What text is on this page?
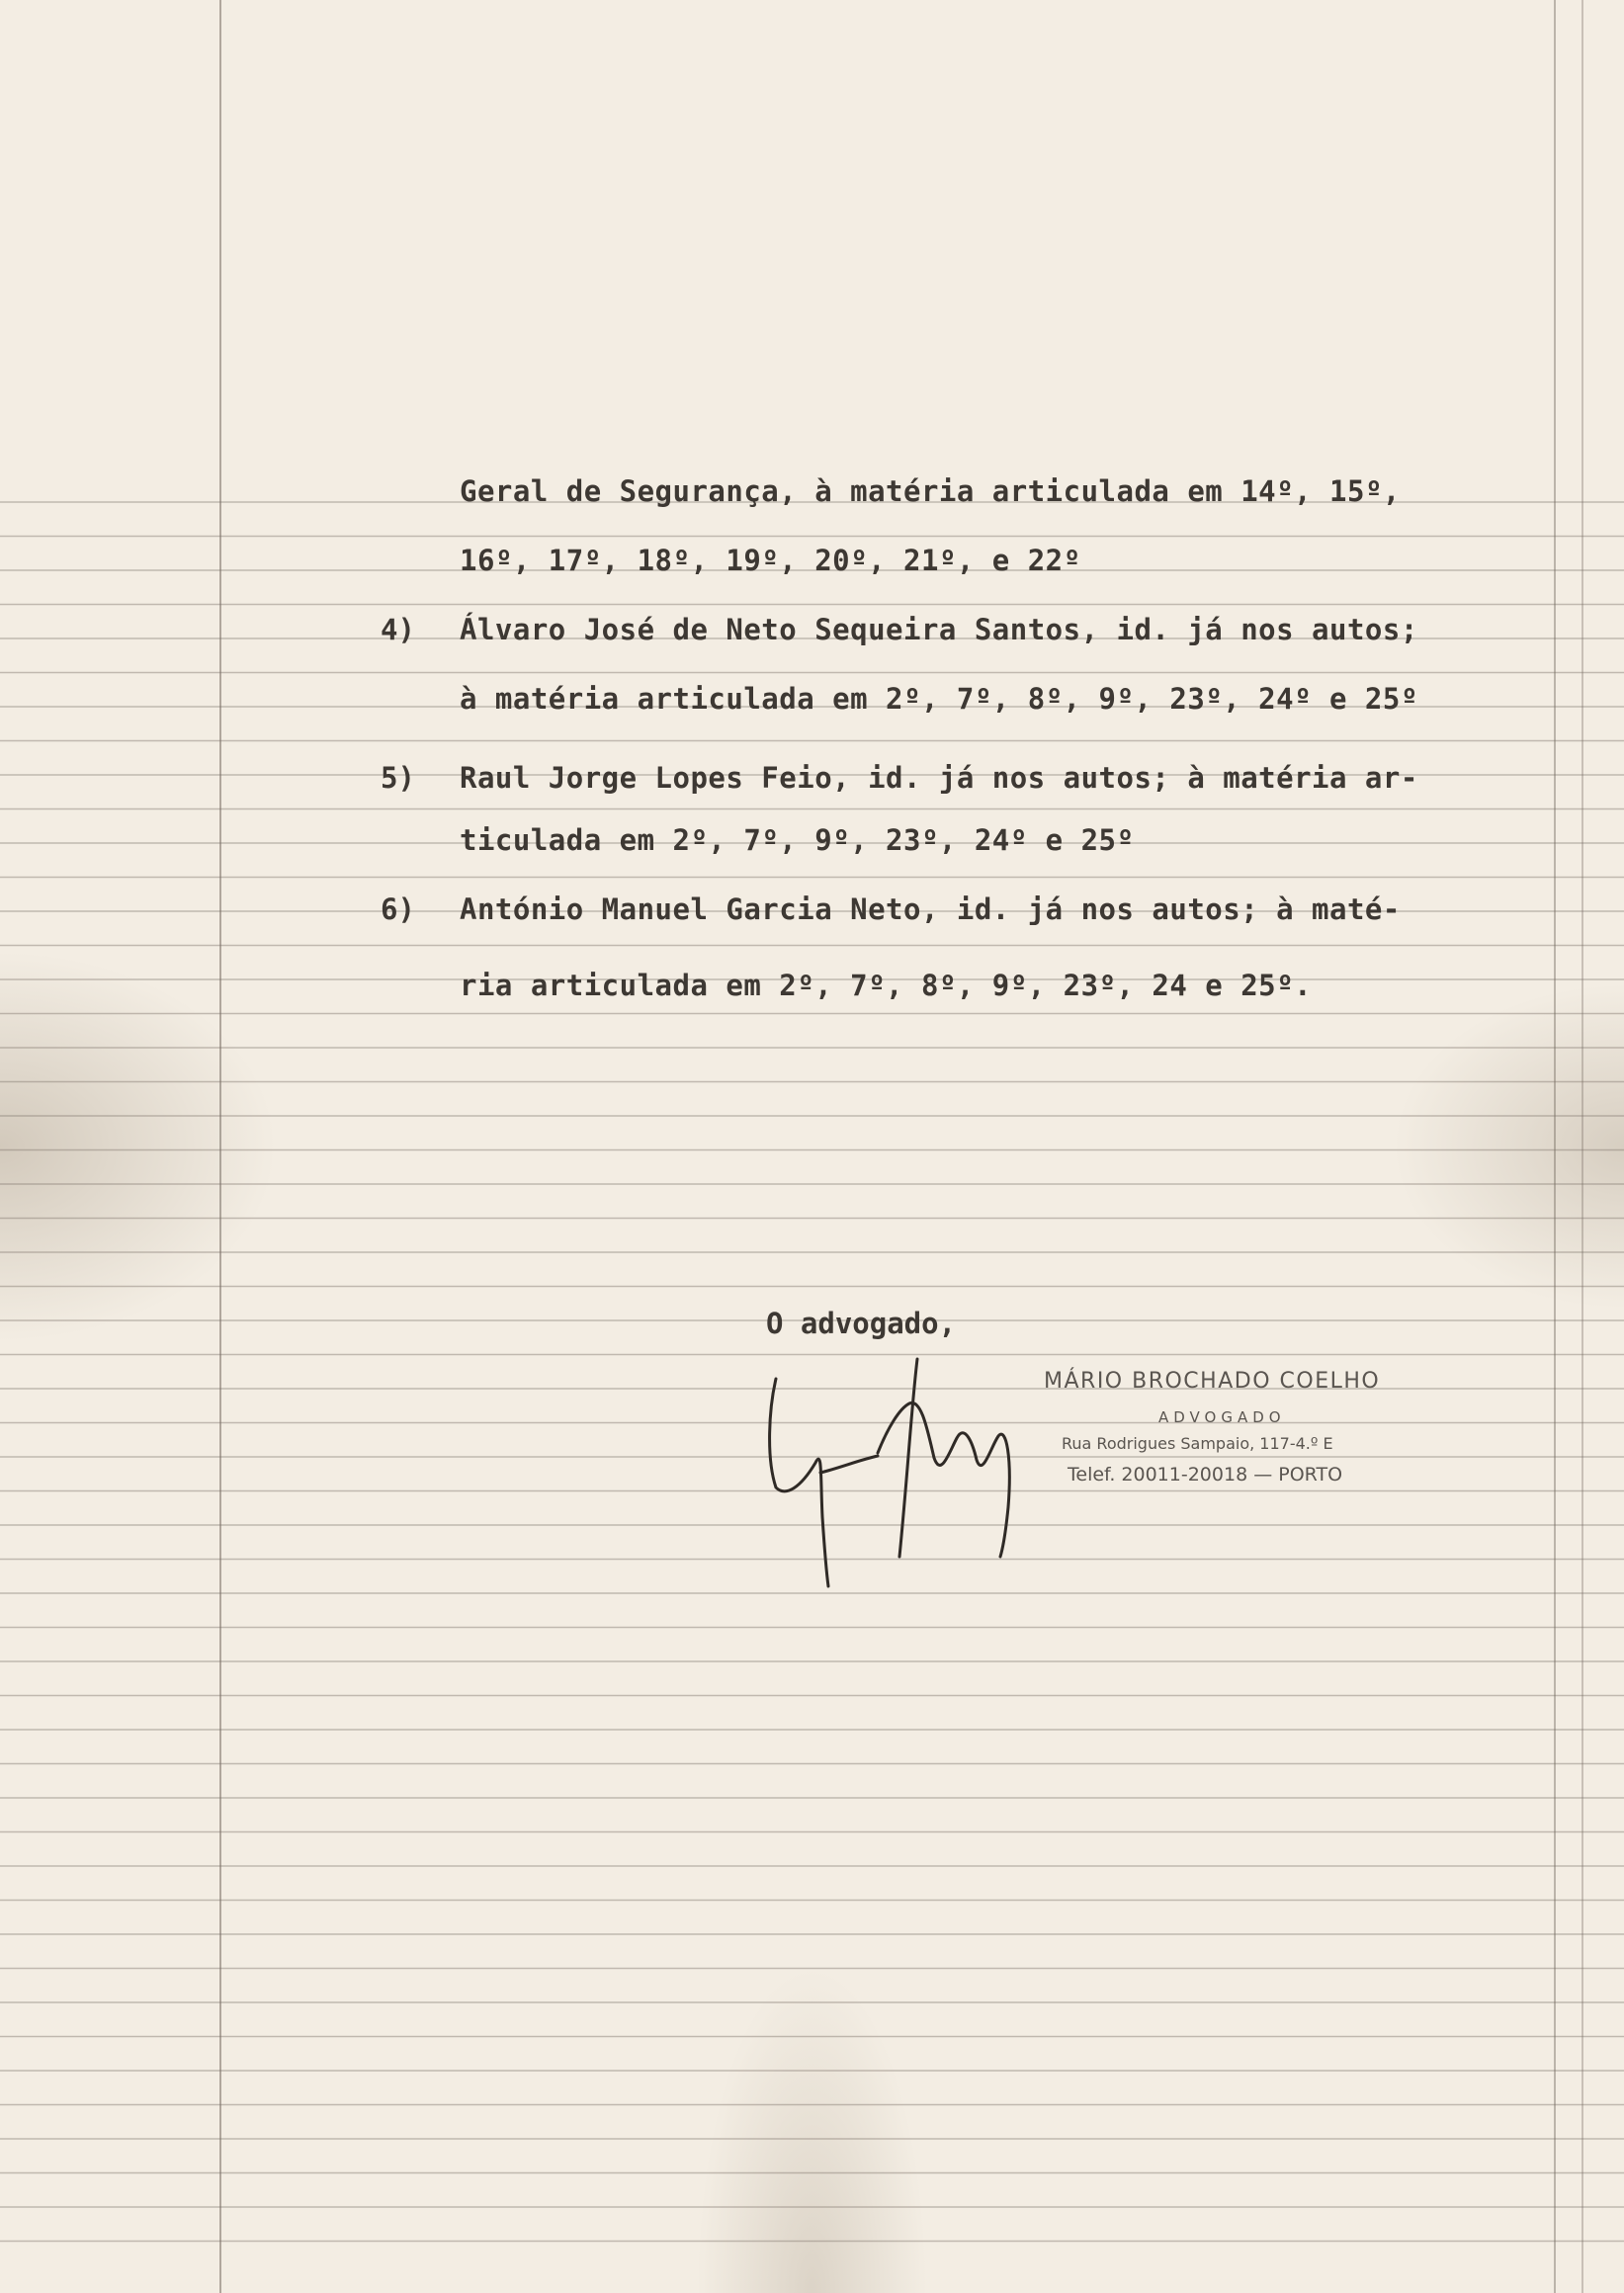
Geral de Segurança, à matéria articulada em 14º, 15º,

16º, 17º, 18º, 19º, 20º, 21º, e 22º

4) Álvaro José de Neto Sequeira Santos, id. já nos autos;

à matéria articulada em 2º, 7º, 8º, 9º, 23º, 24º e 25º

5) Raul Jorge Lopes Feio, id. já nos autos; à matéria ar-

ticulada em 2º, 7º, 9º, 23º, 24º e 25º

6) António Manuel Garcia Neto, id. já nos autos; à maté-

ria articulada em 2º, 7º, 8º, 9º, 23º, 24 e 25º.

O advogado,

MÁRIO BROCHADO COELHO
ADVOGADO
Rua Rodrigues Sampaio, 117-4.º E
Telef. 20011-20018 — PORTO
